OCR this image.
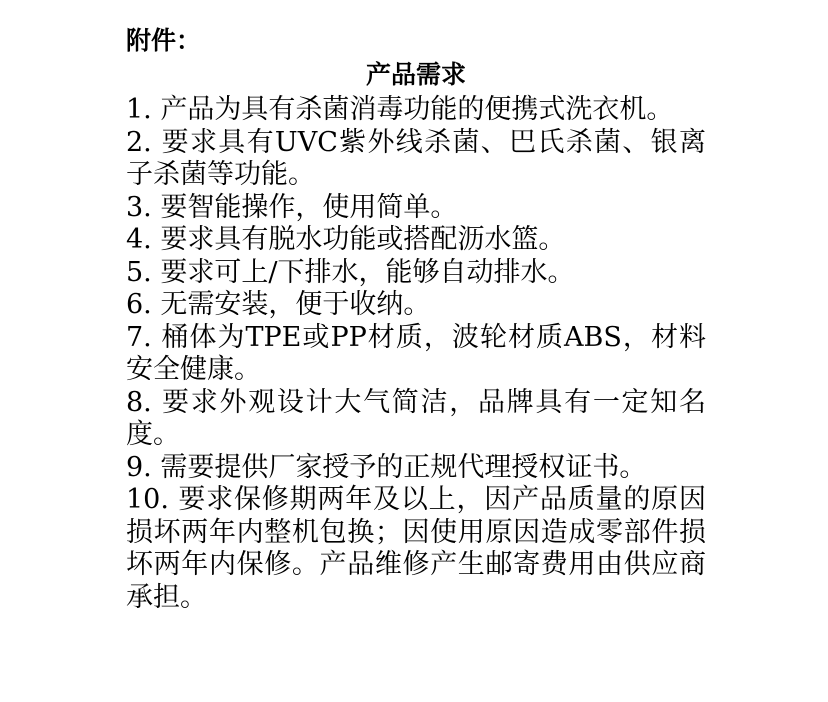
附件：

产品需求
1. 产品为具有杀菌消毒功能的便携式洗衣机。
2. 要求具有UVC紫外线杀菌、巴氏杀菌、银离子杀菌等功能。
3. 要智能操作，使用简单。
4. 要求具有脱水功能或搭配沥水篮。
5. 要求可上/下排水，能够自动排水。
6. 无需安装，便于收纳。
7. 桶体为TPE或PP材质，波轮材质ABS，材料安全健康。
8. 要求外观设计大气简洁，品牌具有一定知名度。
9. 需要提供厂家授予的正规代理授权证书。
10. 要求保修期两年及以上，因产品质量的原因损坏两年内整机包换；因使用原因造成零部件损坏两年内保修。产品维修产生邮寄费用由供应商承担。
